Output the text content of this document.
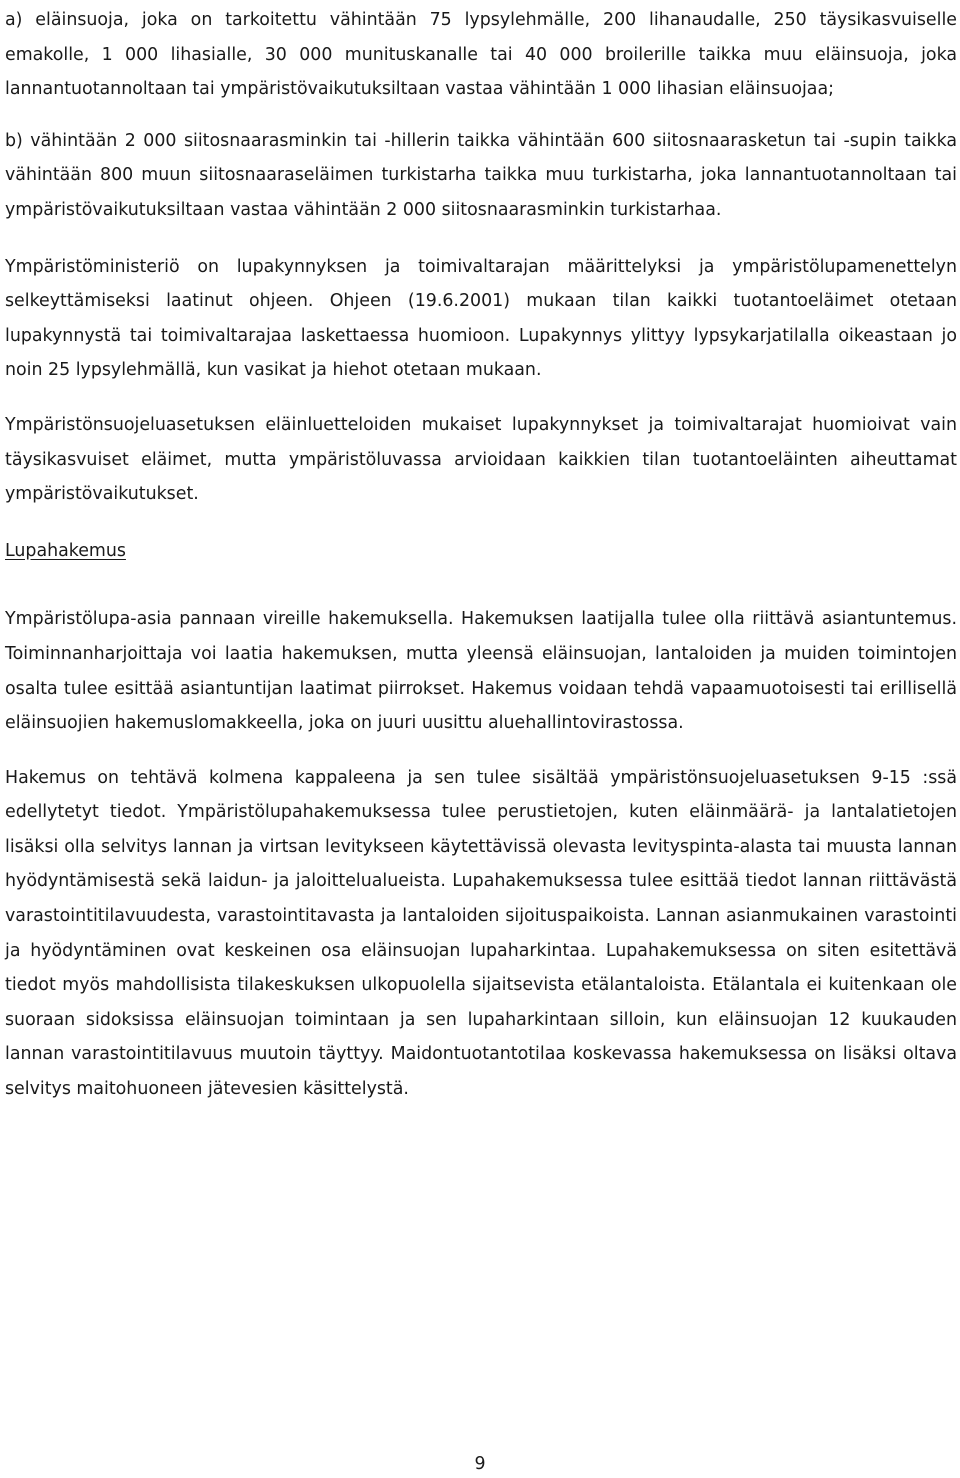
a) eläinsuoja, joka on tarkoitettu vähintään 75 lypsylehmälle, 200 lihanaudalle, 250 täysikasvuiselle emakolle, 1 000 lihasialle, 30 000 munituskanalle tai 40 000 broilerille taikka muu eläinsuoja, joka lannantuotannoltaan tai ympäristövaikutuksiltaan vastaa vähintään 1 000 lihasian eläinsuojaa;

b) vähintään 2 000 siitosnaarasminkin tai -hillerin taikka vähintään 600 siitosnaarasketun tai -supin taikka vähintään 800 muun siitosnaaraseläimen turkistarha taikka muu turkistarha, joka lannantuotannoltaan tai ympäristövaikutuksiltaan vastaa vähintään 2 000 siitosnaarasminkin turkistarhaa.

Ympäristöministeriö on lupakynnyksen ja toimivaltarajan määrittelyksi ja ympäristölupamenettelyn selkeyttämiseksi laatinut ohjeen. Ohjeen (19.6.2001) mukaan tilan kaikki tuotantoeläimet otetaan lupakynnystä tai toimivaltarajaa laskettaessa huomioon. Lupakynnys ylittyy lypsykarjatilalla oikeastaan jo noin 25 lypsylehmällä, kun vasikat ja hiehot otetaan mukaan.

Ympäristönsuojeluasetuksen eläinluetteloiden mukaiset lupakynnykset ja toimivaltarajat huomioivat vain täysikasvuiset eläimet, mutta ympäristöluvassa arvioidaan kaikkien tilan tuotantoeläinten aiheuttamat ympäristövaikutukset.

Lupahakemus

Ympäristölupa-asia pannaan vireille hakemuksella. Hakemuksen laatijalla tulee olla riittävä asiantuntemus. Toiminnanharjoittaja voi laatia hakemuksen, mutta yleensä eläinsuojan, lantaloiden ja muiden toimintojen osalta tulee esittää asiantuntijan laatimat piirrokset. Hakemus voidaan tehdä vapaamuotoisesti tai erillisellä eläinsuojien hakemuslomakkeella, joka on juuri uusittu aluehallintovirastossa.

Hakemus on tehtävä kolmena kappaleena ja sen tulee sisältää ympäristönsuojeluasetuksen 9-15 :ssä edellytetyt tiedot. Ympäristölupahakemuksessa tulee perustietojen, kuten eläinmäärä- ja lantalatietojen lisäksi olla selvitys lannan ja virtsan levitykseen käytettävissä olevasta levityspinta-alasta tai muusta lannan hyödyntämisestä sekä laidun- ja jaloittelualueista. Lupahakemuksessa tulee esittää tiedot lannan riittävästä varastointitilavuudesta, varastointitavasta ja lantaloiden sijoituspaikoista. Lannan asianmukainen varastointi ja hyödyntäminen ovat keskeinen osa eläinsuojan lupaharkintaa. Lupahakemuksessa on siten esitettävä tiedot myös mahdollisista tilakeskuksen ulkopuolella sijaitsevista etälantaloista. Etälantala ei kuitenkaan ole suoraan sidoksissa eläinsuojan toimintaan ja sen lupaharkintaan silloin, kun eläinsuojan 12 kuukauden lannan varastointitilavuus muutoin täyttyy. Maidontuotantotilaa koskevassa hakemuksessa on lisäksi oltava selvitys maitohuoneen jätevesien käsittelystä.

9
